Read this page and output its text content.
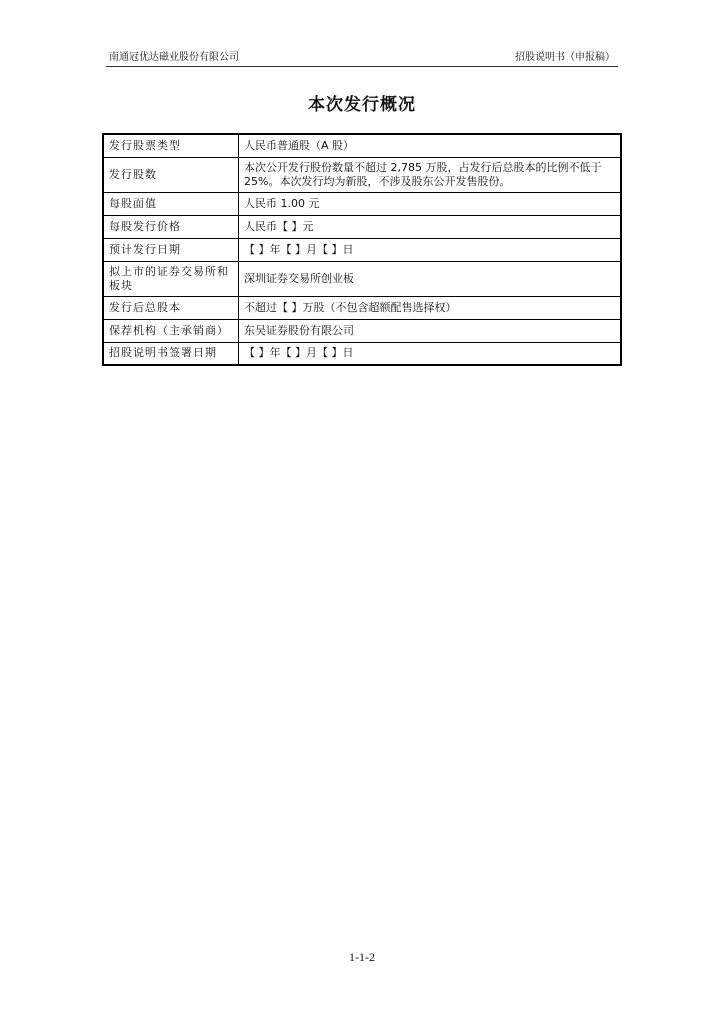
南通冠优达磁业股份有限公司	招股说明书（申报稿）
本次发行概况
发行股票类型	人民币普通股（A 股）
发行股数	本次公开发行股份数量不超过 2,785 万股，占发行后总股本的比例不低于 25%。本次发行均为新股，不涉及股东公开发售股份。
每股面值	人民币 1.00 元
每股发行价格	人民币【 】元
预计发行日期	【 】年【 】月【 】日
拟上市的证券交易所和板块	深圳证券交易所创业板
发行后总股本	不超过【 】万股（不包含超额配售选择权）
保荐机构（主承销商）	东吴证券股份有限公司
招股说明书签署日期	【 】年【 】月【 】日
1-1-2
